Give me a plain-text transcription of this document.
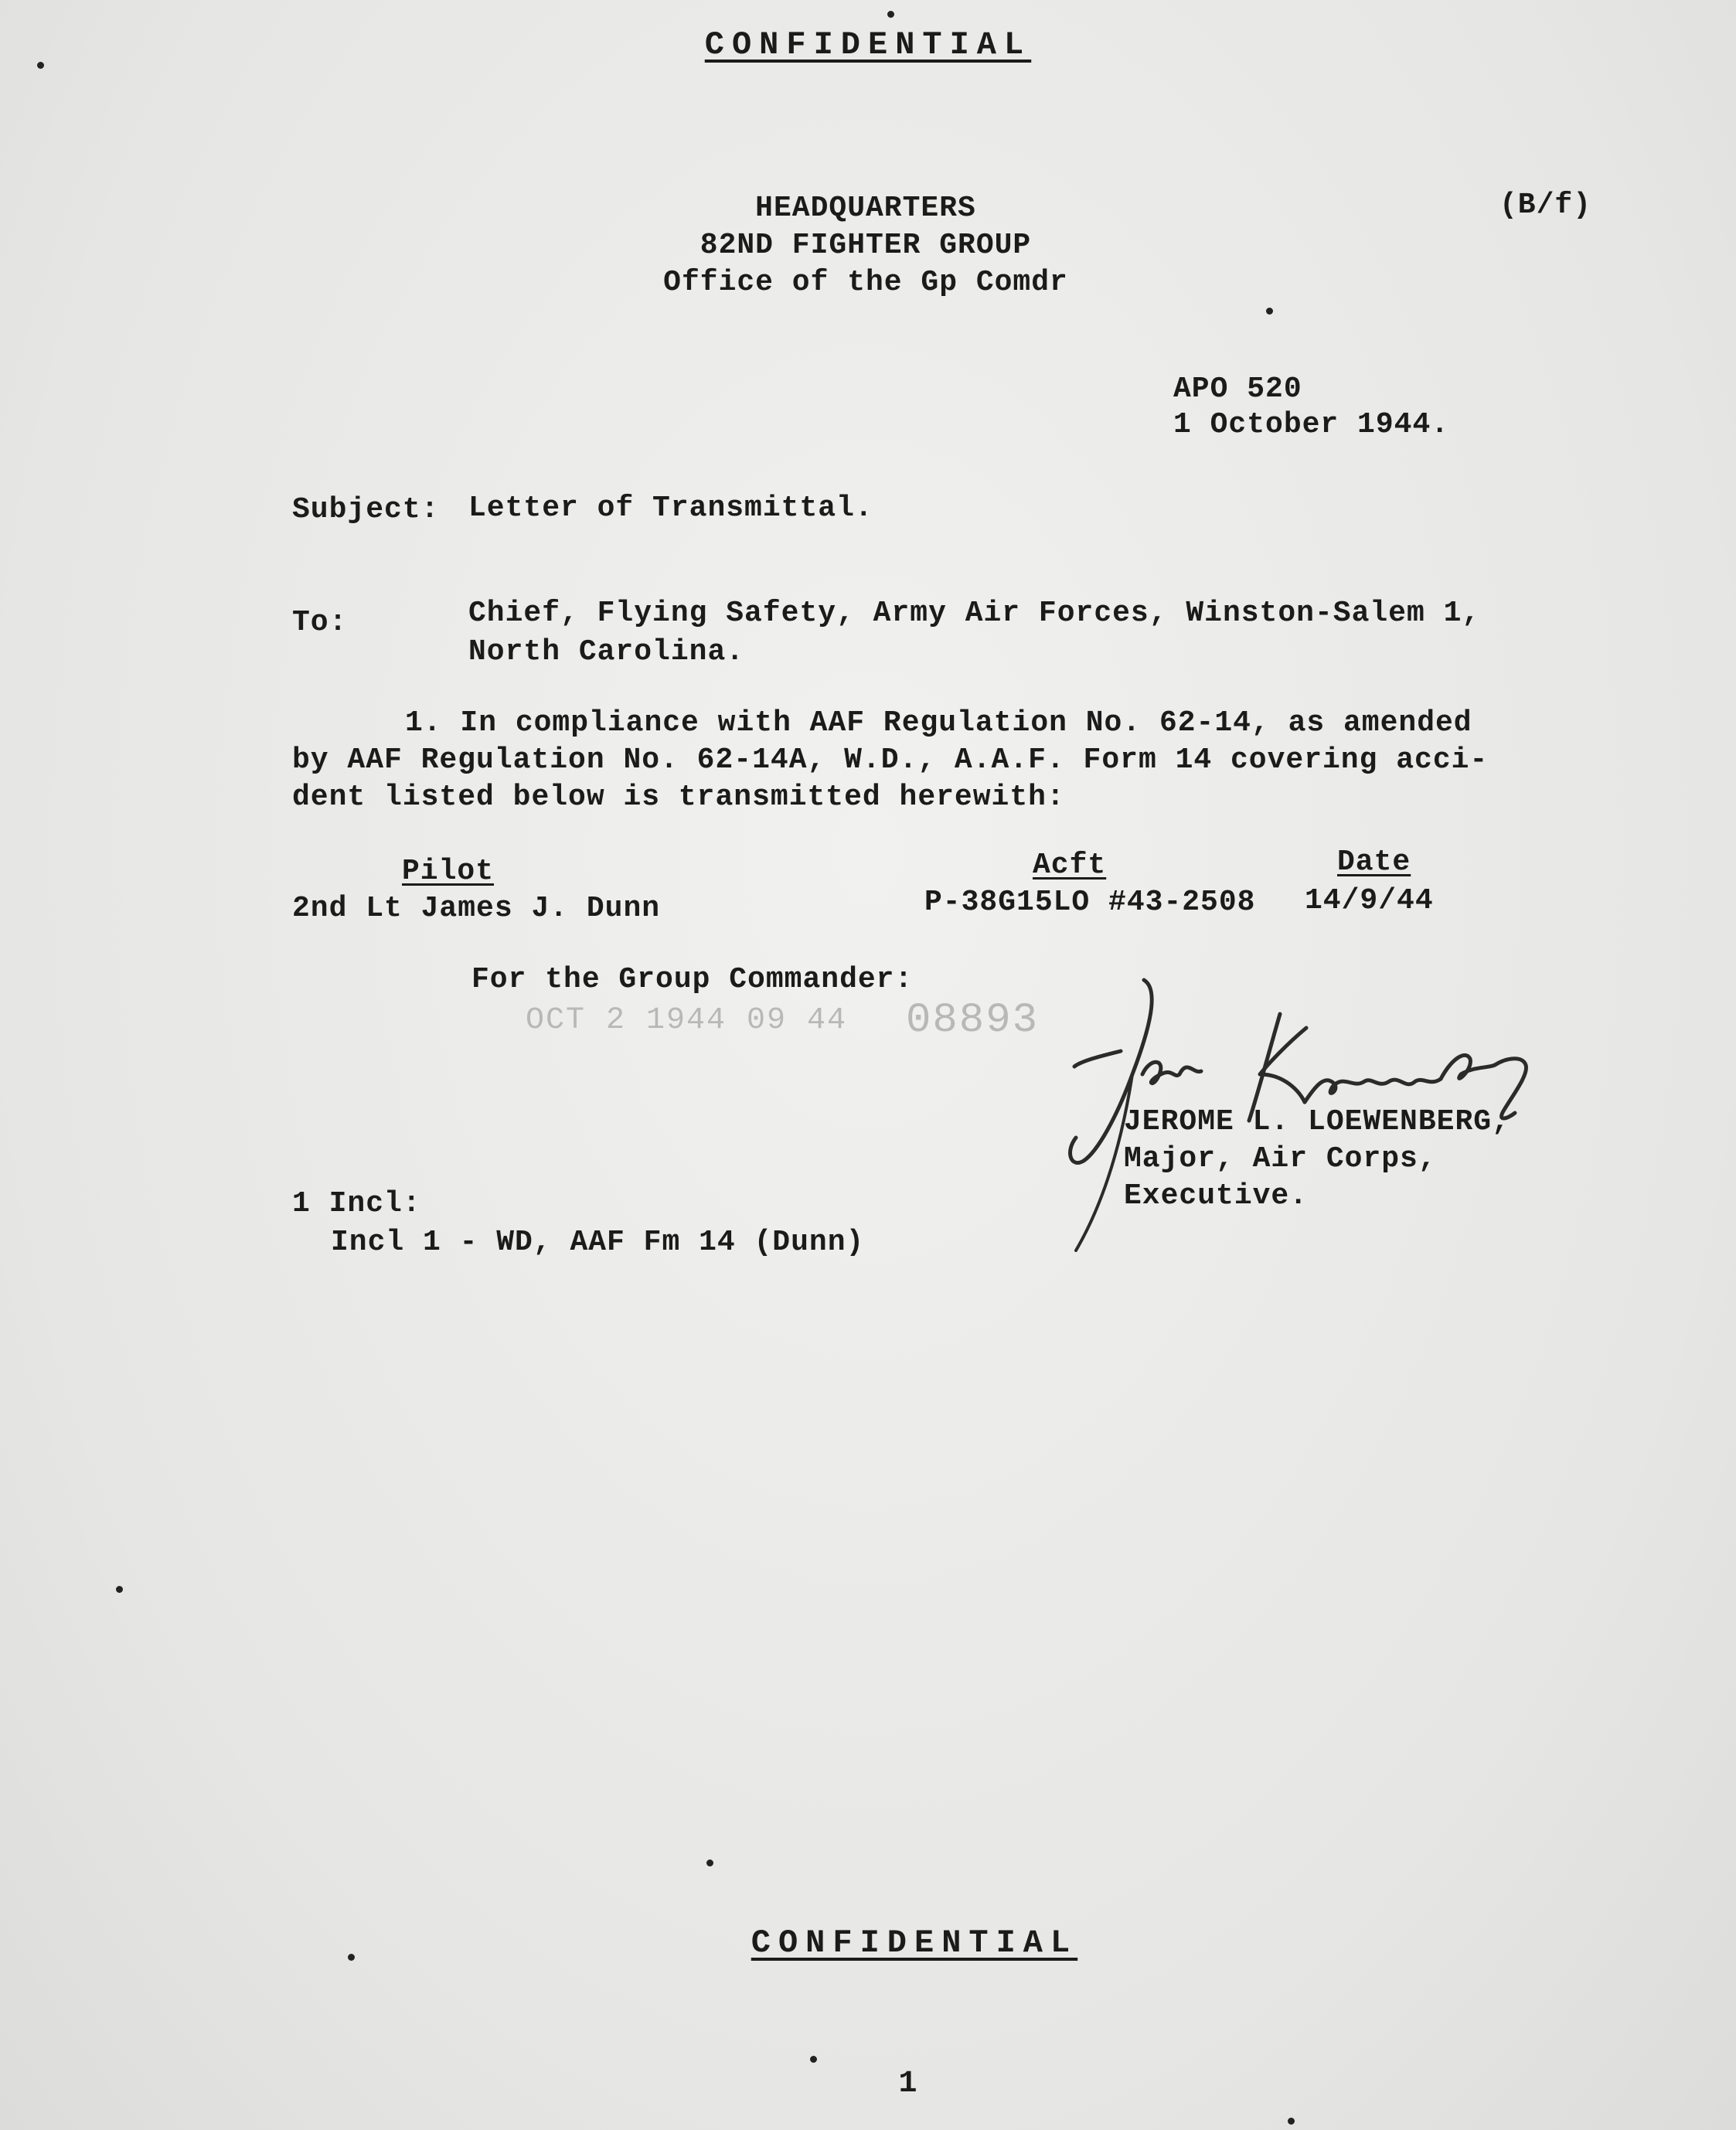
CONFIDENTIAL
HEADQUARTERS
82ND FIGHTER GROUP
Office of the Gp Comdr
(B/f)
APO 520
1 October 1944.
Subject: Letter of Transmittal.
To:	Chief, Flying Safety, Army Air Forces, Winston-Salem 1,
North Carolina.
1. In compliance with AAF Regulation No. 62-14, as amended
by AAF Regulation No. 62-14A, W.D., A.A.F. Form 14 covering acci-
dent listed below is transmitted herewith:
Pilot	Acft	Date
2nd Lt James J. Dunn	P-38G15LO #43-2508 14/9/44
For the Group Commander:
OCT 2 1944 09 44 08893
JEROME L. LOEWENBERG,
Major, Air Corps,
Executive.
1 Incl:
Incl 1 - WD, AAF Fm 14 (Dunn)
CONFIDENTIAL
1
